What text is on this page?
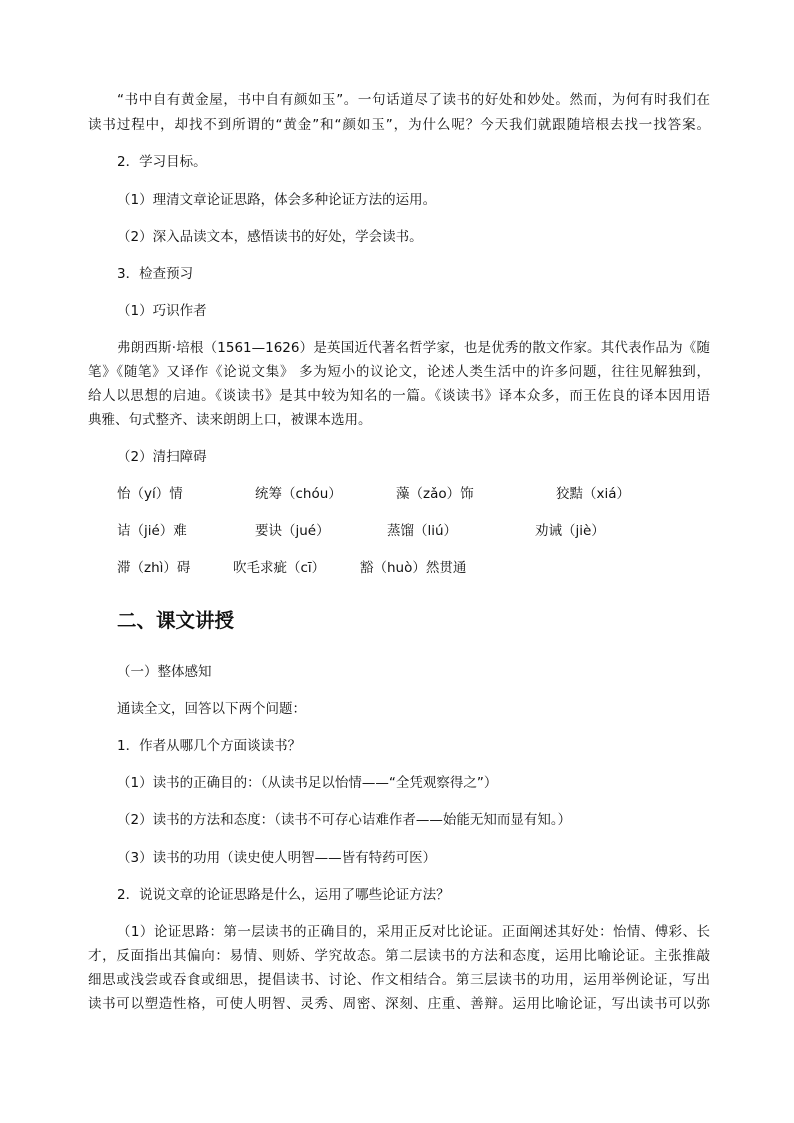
“书中自有黄金屋，书中自有颜如玉”。一句话道尽了读书的好处和妙处。然而，为何有时我们在
读书过程中，却找不到所谓的“黄金”和“颜如玉”，为什么呢？今天我们就跟随培根去找一找答案。
2．学习目标。
（1）理清文章论证思路，体会多种论证方法的运用。
（2）深入品读文本，感悟读书的好处，学会读书。
3．检查预习
（1）巧识作者
弗朗西斯·培根（1561—1626）是英国近代著名哲学家，也是优秀的散文作家。其代表作品为《随
笔》《随笔》又译作《论说文集》 多为短小的议论文，论述人类生活中的许多问题，往往见解独到，
给人以思想的启迪。《谈读书》是其中较为知名的一篇。《谈读书》译本众多，而王佐良的译本因用语
典雅、句式整齐、读来朗朗上口，被课本选用。
（2）清扫障碍
怡（yí）情	统筹（chóu）	藻（zǎo）饰	狡黠（xiá）
诘（jié）难	要诀（jué）	蒸馏（liú）	劝诫（jiè）
滞（zhì）碍	吹毛求疵（cī）	豁（huò）然贯通
二、课文讲授
（一）整体感知
通读全文，回答以下两个问题：
1．作者从哪几个方面谈读书？
（1）读书的正确目的：（从读书足以怡情——“全凭观察得之”）
（2）读书的方法和态度：（读书不可存心诘难作者——始能无知而显有知。）
（3）读书的功用（读史使人明智——皆有特药可医）
2．说说文章的论证思路是什么，运用了哪些论证方法？
（1）论证思路：第一层读书的正确目的，采用正反对比论证。正面阐述其好处：怡情、傅彩、长
才，反面指出其偏向：易情、则娇、学究故态。第二层读书的方法和态度，运用比喻论证。主张推敲
细思或浅尝或吞食或细思，提倡读书、讨论、作文相结合。第三层读书的功用，运用举例论证，写出
读书可以塑造性格，可使人明智、灵秀、周密、深刻、庄重、善辩。运用比喻论证，写出读书可以弥
